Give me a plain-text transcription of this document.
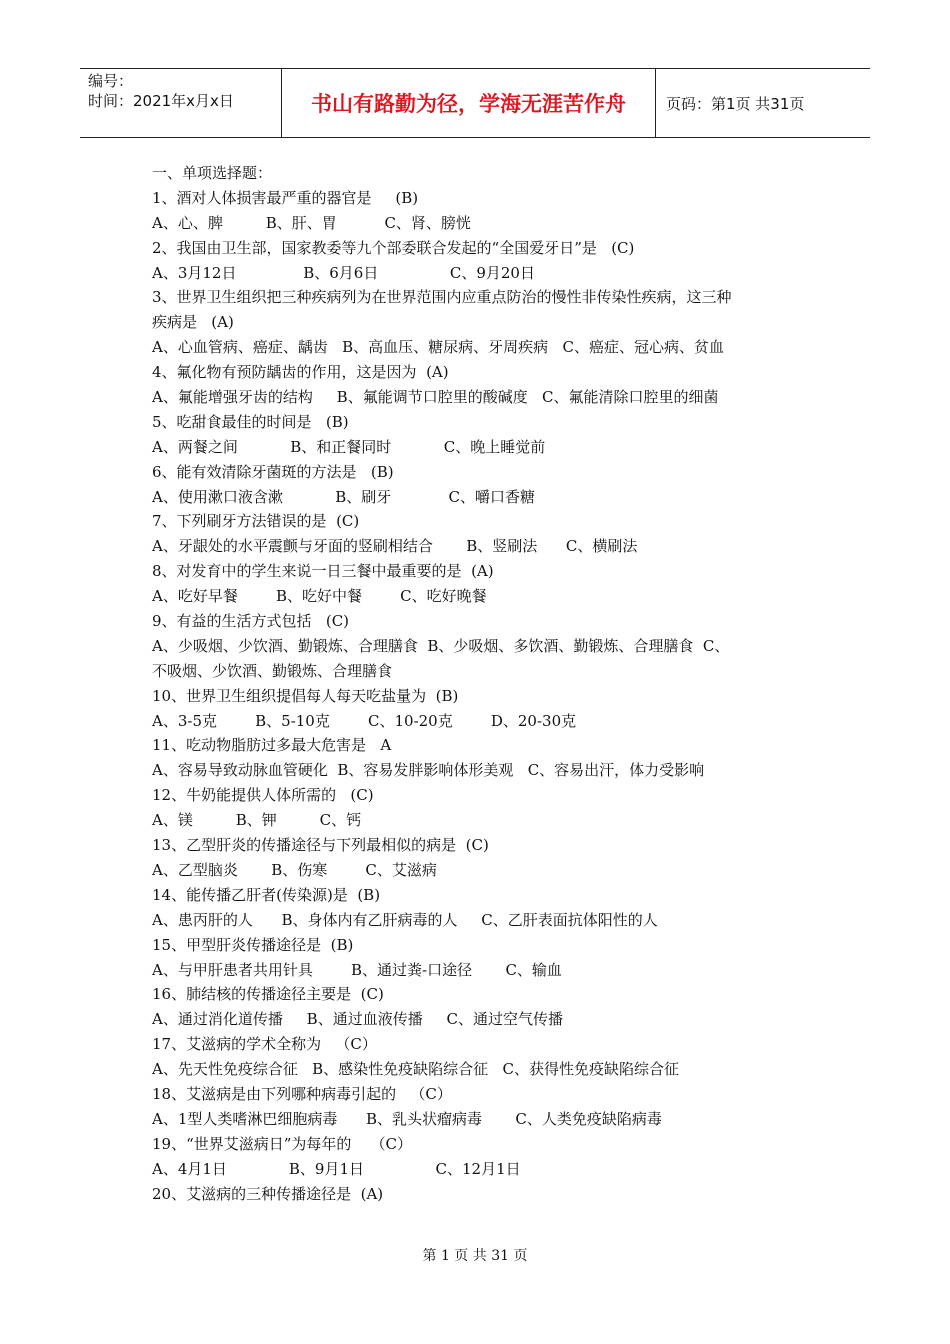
编号：
时间：2021年x月x日	书山有路勤为径，学海无涯苦作舟	页码：第1页 共31页
一、单项选择题：
1、酒对人体损害最严重的器官是     (B)
A、心、脾         B、肝、胃          C、肾、膀恍
2、我国由卫生部，国家教委等九个部委联合发起的“全国爱牙日”是   (C)
A、3月12日              B、6月6日               C、9月20日
3、世界卫生组织把三种疾病列为在世界范围内应重点防治的慢性非传染性疾病，这三种
疾病是   (A)
A、心血管病、癌症、龋齿   B、高血压、糖尿病、牙周疾病   C、癌症、冠心病、贫血
4、氟化物有预防龋齿的作用，这是因为  (A)
A、氟能增强牙齿的结构     B、氟能调节口腔里的酸碱度   C、氟能清除口腔里的细菌
5、吃甜食最佳的时间是   (B)
A、两餐之间           B、和正餐同时           C、晚上睡觉前
6、能有效清除牙菌斑的方法是   (B)
A、使用漱口液含漱           B、刷牙            C、嚼口香糖
7、下列刷牙方法错误的是  (C)
A、牙龈处的水平震颤与牙面的竖刷相结合       B、竖刷法      C、横刷法
8、对发育中的学生来说一日三餐中最重要的是  (A)
A、吃好早餐        B、吃好中餐        C、吃好晚餐
9、有益的生活方式包括   (C)
A、少吸烟、少饮酒、勤锻炼、合理膳食  B、少吸烟、多饮酒、勤锻炼、合理膳食  C、
不吸烟、少饮酒、勤锻炼、合理膳食
10、世界卫生组织提倡每人每天吃盐量为  (B)
A、3-5克        B、5-10克        C、10-20克        D、20-30克
11、吃动物脂肪过多最大危害是   A
A、容易导致动脉血管硬化  B、容易发胖影响体形美观   C、容易出汗，体力受影响
12、牛奶能提供人体所需的   (C)
A、镁         B、钾         C、钙
13、乙型肝炎的传播途径与下列最相似的病是  (C)
A、乙型脑炎       B、伤寒        C、艾滋病
14、能传播乙肝者(传染源)是  (B)
A、患丙肝的人      B、身体内有乙肝病毒的人     C、乙肝表面抗体阳性的人
15、甲型肝炎传播途径是  (B)
A、与甲肝患者共用针具        B、通过粪-口途径       C、输血
16、肺结核的传播途径主要是  (C)
A、通过消化道传播     B、通过血液传播     C、通过空气传播
17、艾滋病的学术全称为   （C）
A、先天性免疫综合征   B、感染性免疫缺陷综合征   C、获得性免疫缺陷综合征
18、艾滋病是由下列哪种病毒引起的   （C）
A、1型人类嗜淋巴细胞病毒      B、乳头状瘤病毒       C、人类免疫缺陷病毒
19、“世界艾滋病日”为每年的    （C）
A、4月1日             B、9月1日               C、12月1日
20、艾滋病的三种传播途径是  (A)
第 1 页 共 31 页
